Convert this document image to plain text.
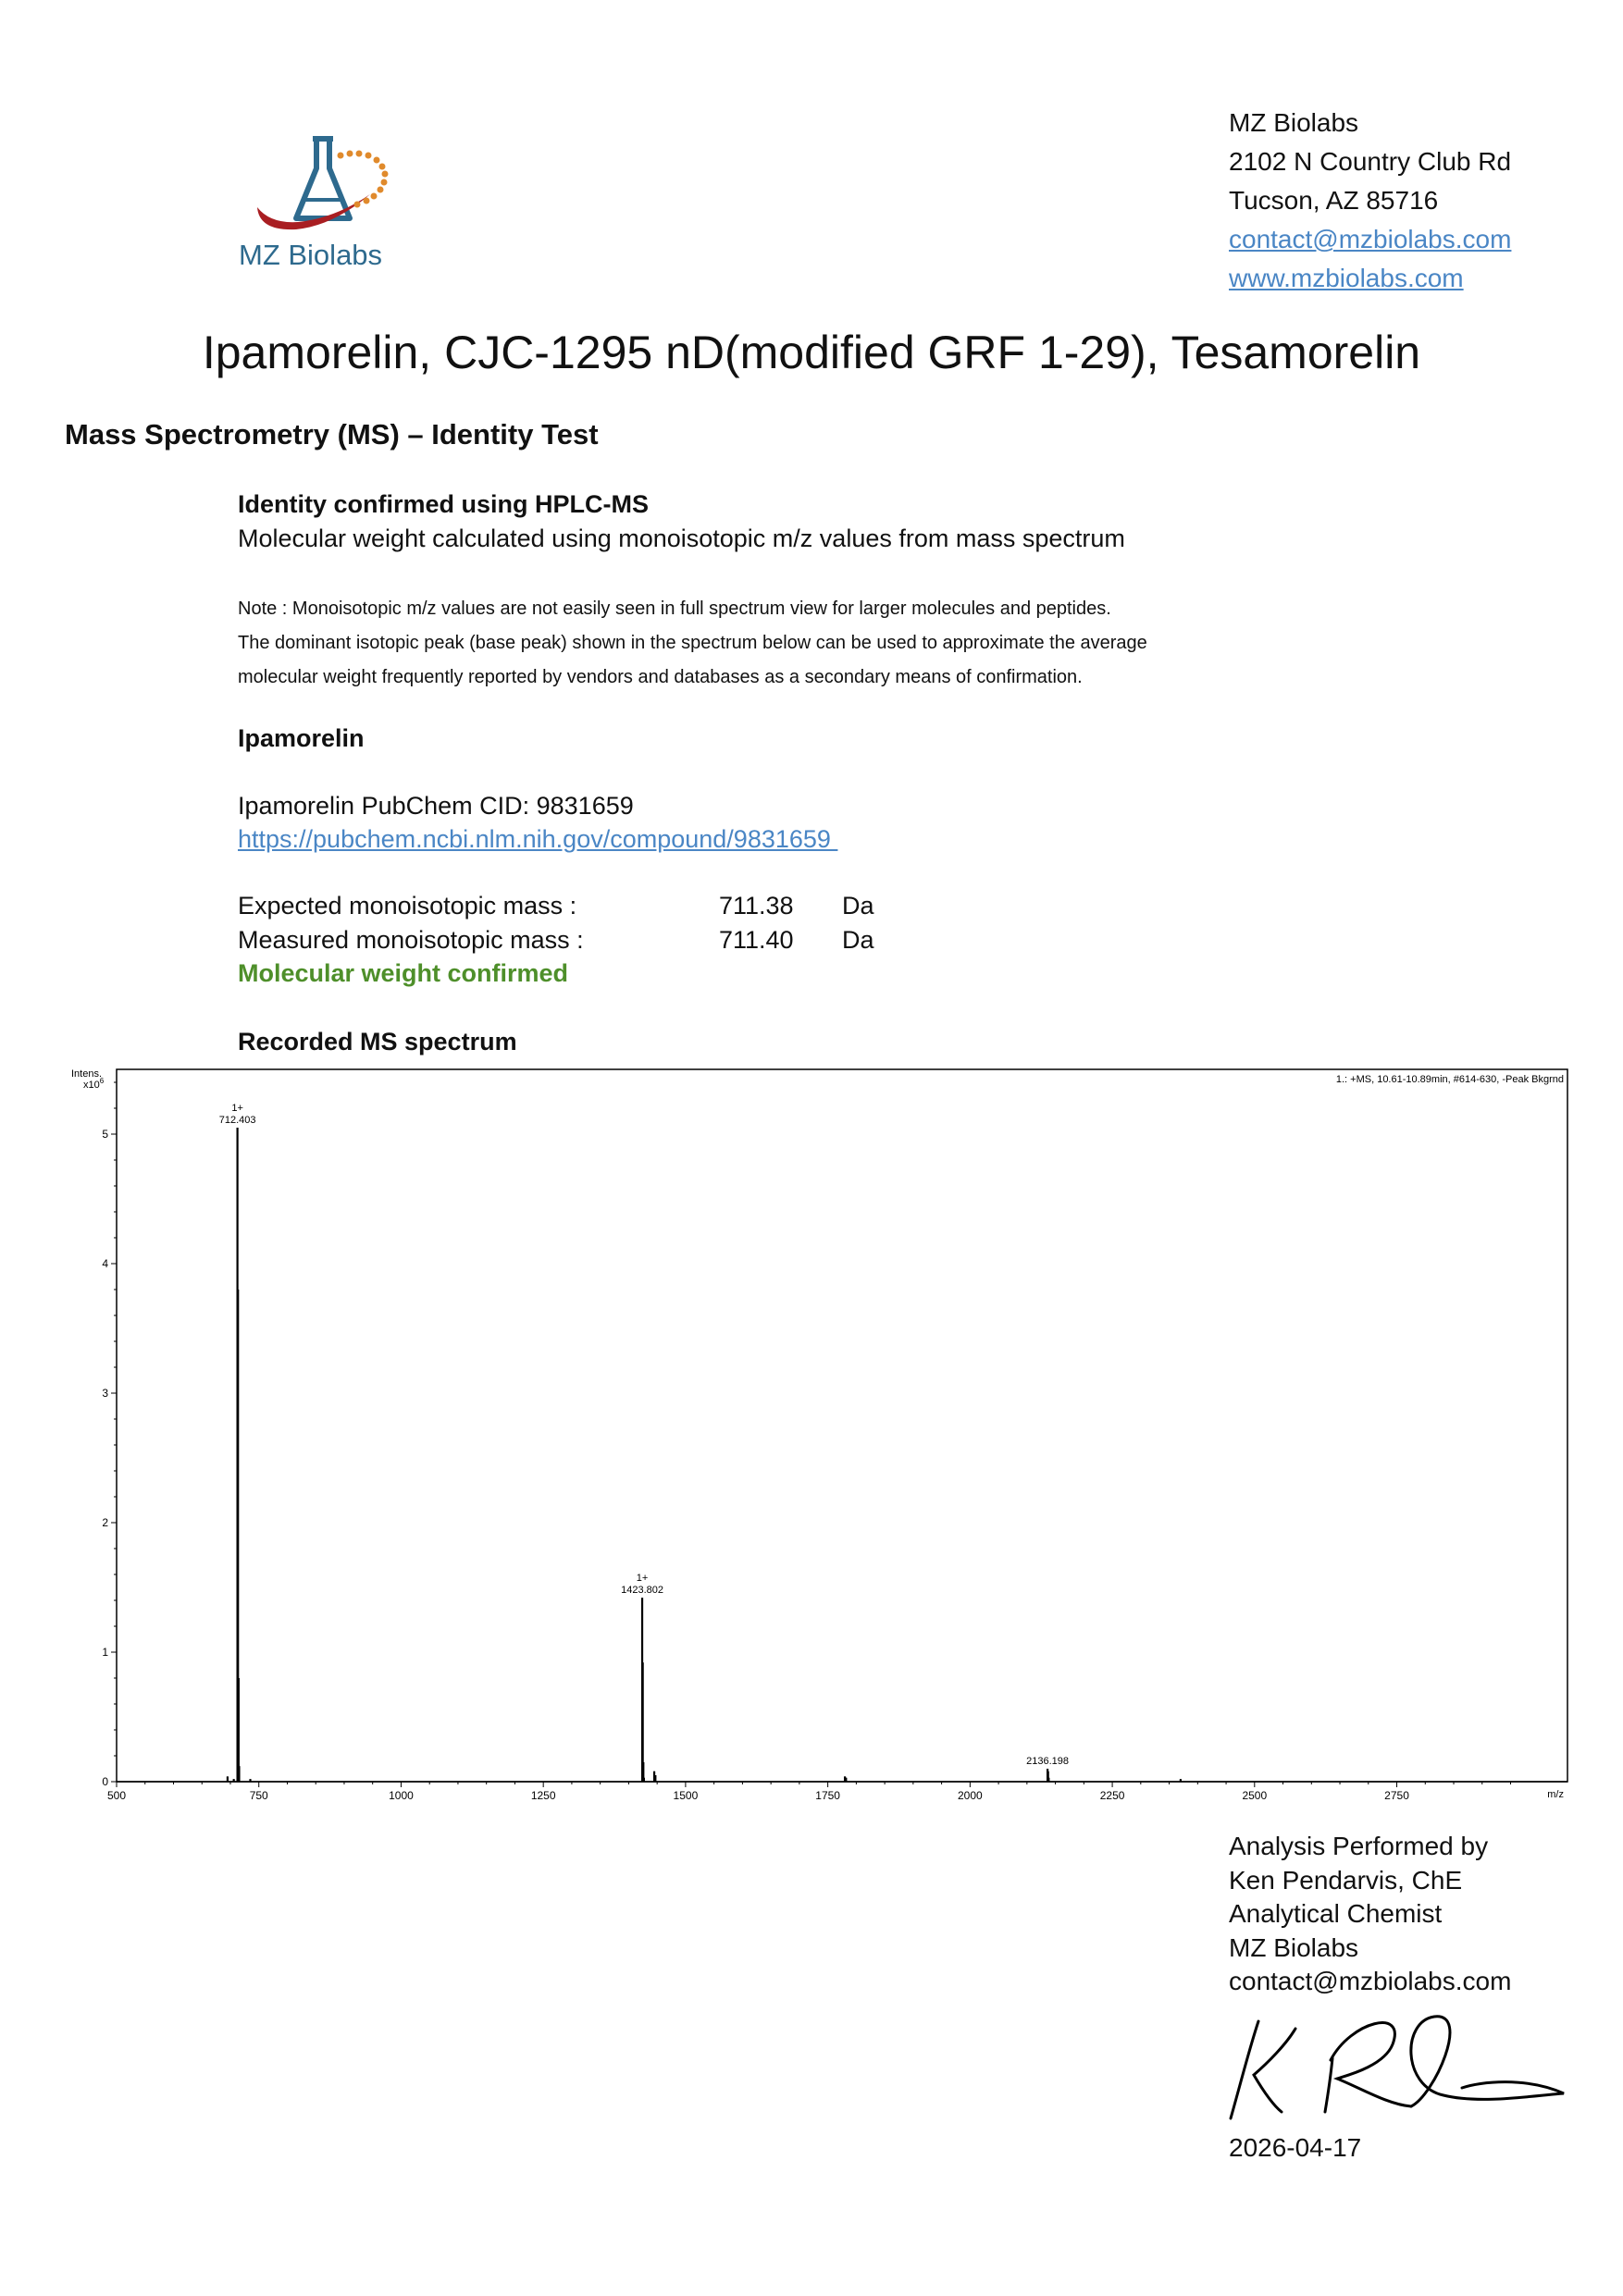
MZ Biolabs
MZ Biolabs
2102 N Country Club Rd
Tucson, AZ 85716
contact@mzbiolabs.com
www.mzbiolabs.com
Ipamorelin, CJC-1295 nD(modified GRF 1-29), Tesamorelin
Mass Spectrometry (MS) – Identity Test
Identity confirmed using HPLC-MS
Molecular weight calculated using monoisotopic m/z values from mass spectrum
Note : Monoisotopic m/z values are not easily seen in full spectrum view for larger molecules and peptides.
The dominant isotopic peak (base peak) shown in the spectrum below can be used to approximate the average
molecular weight frequently reported by vendors and databases as a secondary means of confirmation.
Ipamorelin
Ipamorelin PubChem CID: 9831659
https://pubchem.ncbi.nlm.nih.gov/compound/9831659
Expected monoisotopic mass :	711.38 Da
Measured monoisotopic mass :	711.40 Da
Molecular weight confirmed
Recorded MS spectrum
Intens.
$x10^6$	1.: +MS, 10.61-10.89min, #614-630, -Peak Bkgrnd
m/z
500	750	1000	1250	1500	1750	2000	2250	2500	2750
0
1
2
3
4
5
712.403
1+
1423.802
1+
2136.198
Analysis Performed by
Ken Pendarvis, ChE
Analytical Chemist
MZ Biolabs
contact@mzbiolabs.com
2026-04-17
